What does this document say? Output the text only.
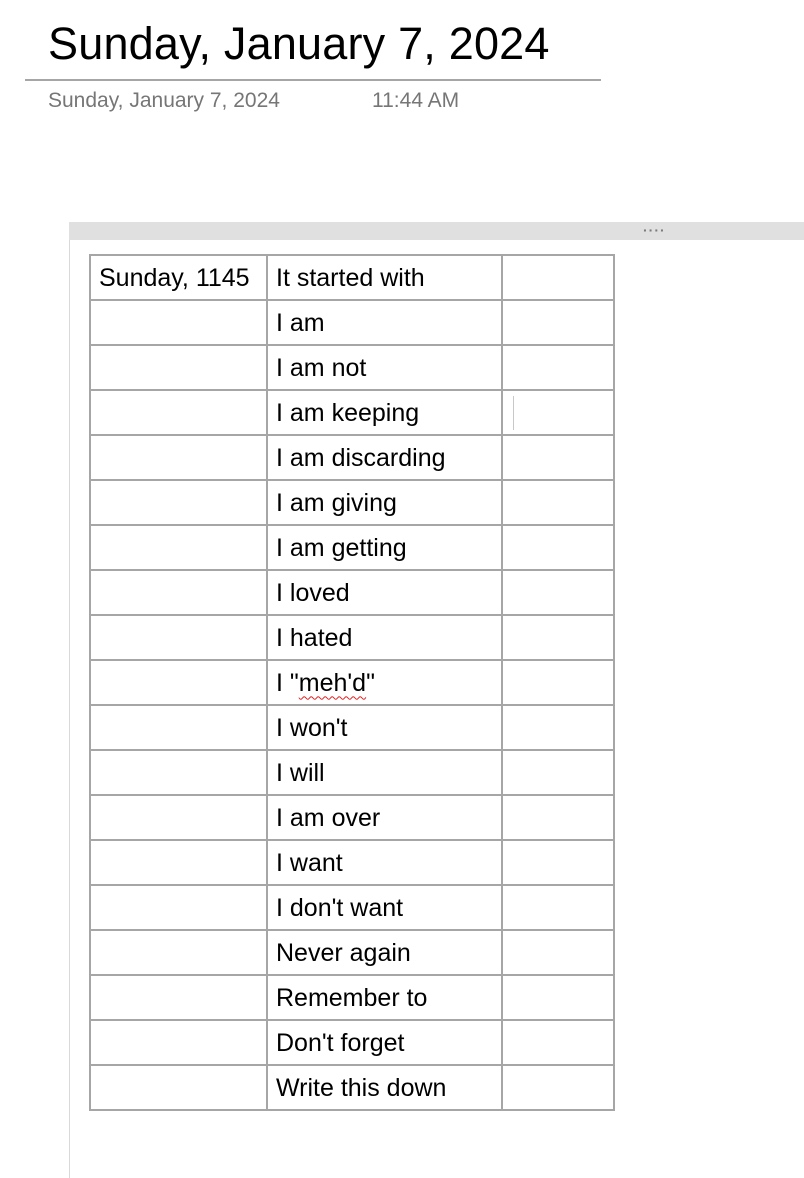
Sunday, January 7, 2024
Sunday, January 7, 2024	11:44 AM
····
Sunday, 1145	It started with	
	I am	
	I am not	
	I am keeping	
	I am discarding	
	I am giving	
	I am getting	
	I loved	
	I hated	
	I "meh'd"	
	I won't	
	I will	
	I am over	
	I want	
	I don't want	
	Never again	
	Remember to	
	Don't forget	
	Write this down	
